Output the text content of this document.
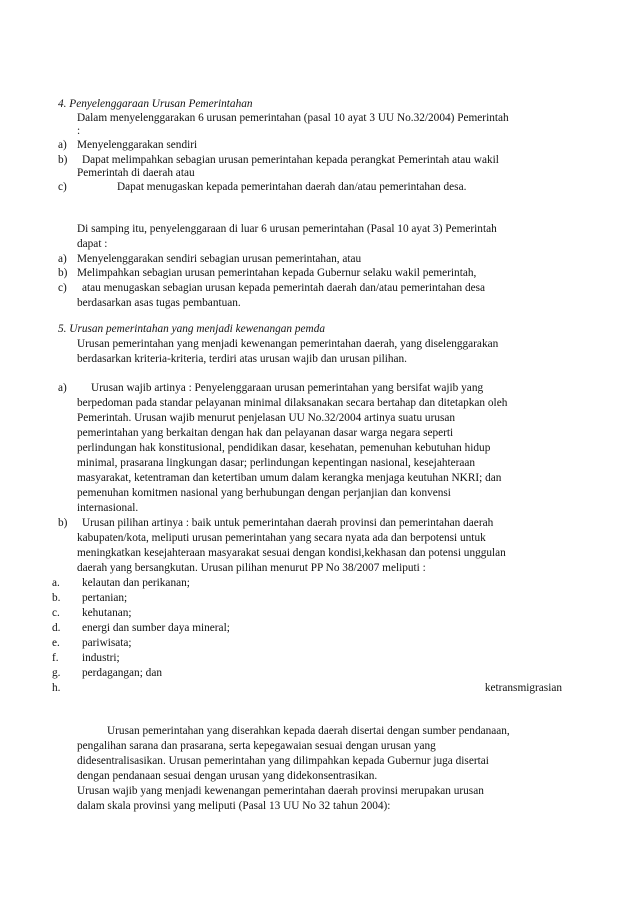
4. Penyelenggaraan Urusan Pemerintahan
Dalam menyelenggarakan 6 urusan pemerintahan (pasal 10 ayat 3 UU No.32/2004) Pemerintah
:
a) Menyelenggarakan sendiri
b) Dapat melimpahkan sebagian urusan pemerintahan kepada perangkat Pemerintah atau wakil
Pemerintah di daerah atau
c)	Dapat menugaskan kepada pemerintahan daerah dan/atau pemerintahan desa.
Di samping itu, penyelenggaraan di luar 6 urusan pemerintahan (Pasal 10 ayat 3) Pemerintah
dapat :
a) Menyelenggarakan sendiri sebagian urusan pemerintahan, atau
b) Melimpahkan sebagian urusan pemerintahan kepada Gubernur selaku wakil pemerintah,
c) atau menugaskan sebagian urusan kepada pemerintah daerah dan/atau pemerintahan desa
berdasarkan asas tugas pembantuan.
5. Urusan pemerintahan yang menjadi kewenangan pemda
Urusan pemerintahan yang menjadi kewenangan pemerintahan daerah, yang diselenggarakan
berdasarkan kriteria-kriteria, terdiri atas urusan wajib dan urusan pilihan.
a) Urusan wajib artinya : Penyelenggaraan urusan pemerintahan yang bersifat wajib yang
berpedoman pada standar pelayanan minimal dilaksanakan secara bertahap dan ditetapkan oleh
Pemerintah. Urusan wajib menurut penjelasan UU No.32/2004 artinya suatu urusan
pemerintahan yang berkaitan dengan hak dan pelayanan dasar warga negara seperti
perlindungan hak konstitusional, pendidikan dasar, kesehatan, pemenuhan kebutuhan hidup
minimal, prasarana lingkungan dasar; perlindungan kepentingan nasional, kesejahteraan
masyarakat, ketentraman dan ketertiban umum dalam kerangka menjaga keutuhan NKRI; dan
pemenuhan komitmen nasional yang berhubungan dengan perjanjian dan konvensi
internasional.
b) Urusan pilihan artinya : baik untuk pemerintahan daerah provinsi dan pemerintahan daerah
kabupaten/kota, meliputi urusan pemerintahan yang secara nyata ada dan berpotensi untuk
meningkatkan kesejahteraan masyarakat sesuai dengan kondisi,kekhasan dan potensi unggulan
daerah yang bersangkutan. Urusan pilihan menurut PP No 38/2007 meliputi :
a. kelautan dan perikanan;
b. pertanian;
c. kehutanan;
d. energi dan sumber daya mineral;
e. pariwisata;
f. industri;
g. perdagangan; dan
h.	ketransmigrasian
Urusan pemerintahan yang diserahkan kepada daerah disertai dengan sumber pendanaan,
pengalihan sarana dan prasarana, serta kepegawaian sesuai dengan urusan yang
didesentralisasikan. Urusan pemerintahan yang dilimpahkan kepada Gubernur juga disertai
dengan pendanaan sesuai dengan urusan yang didekonsentrasikan.
Urusan wajib yang menjadi kewenangan pemerintahan daerah provinsi merupakan urusan
dalam skala provinsi yang meliputi (Pasal 13 UU No 32 tahun 2004):
